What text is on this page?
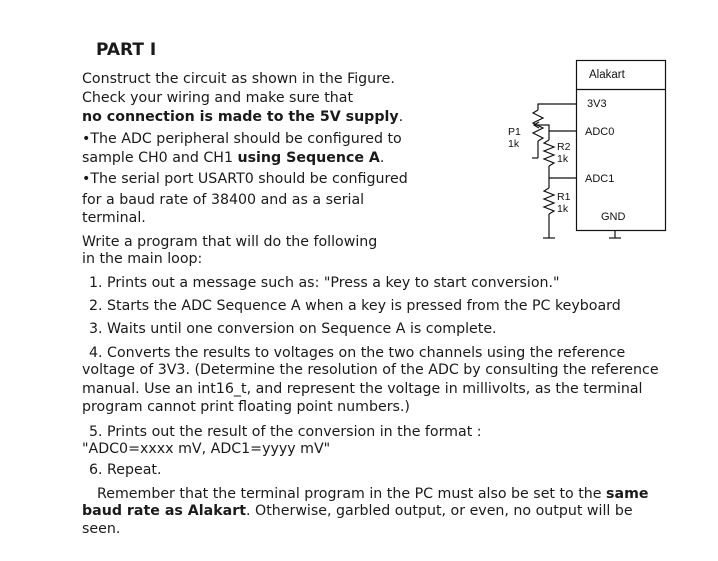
PART I
Construct the circuit as shown in the Figure.
Check your wiring and make sure that
no connection is made to the 5V supply.
•The ADC peripheral should be configured to
sample CH0 and CH1 using Sequence A.
•The serial port USART0 should be configured
for a baud rate of 38400 and as a serial
terminal.
Write a program that will do the following
in the main loop:
1. Prints out a message such as: "Press a key to start conversion."
2. Starts the ADC Sequence A when a key is pressed from the PC keyboard
3. Waits until one conversion on Sequence A is complete.
4. Converts the results to voltages on the two channels using the reference
voltage of 3V3. (Determine the resolution of the ADC by consulting the reference
manual. Use an int16_t, and represent the voltage in millivolts, as the terminal
program cannot print floating point numbers.)
5. Prints out the result of the conversion in the format :
"ADC0=xxxx mV, ADC1=yyyy mV"
6. Repeat.
Remember that the terminal program in the PC must also be set to the same
baud rate as Alakart. Otherwise, garbled output, or even, no output will be
seen.
Alakart
3V3
ADC0
ADC1
GND
P1
1k	R2
1k
R1
1k
